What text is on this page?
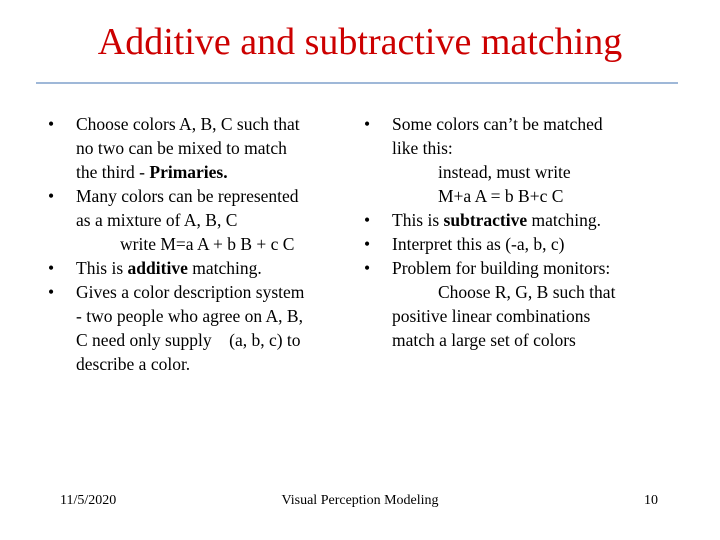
Additive and subtractive matching
•	Choose colors A, B, C such that
no two can be mixed to match
the third - Primaries.
•	Many colors can be represented
as a mixture of A, B, C
write M=a A + b B + c C
•	This is additive matching.
•	Gives a color description system
- two people who agree on A, B,
C need only supply    (a, b, c) to
describe a color.
•	Some colors can’t be matched
like this:
instead, must write
M+a A = b B+c C
•	This is subtractive matching.
•	Interpret this as (-a, b, c)
•	Problem for building monitors:
Choose R, G, B such that
positive linear combinations
match a large set of colors
11/5/2020	Visual Perception Modeling	10
